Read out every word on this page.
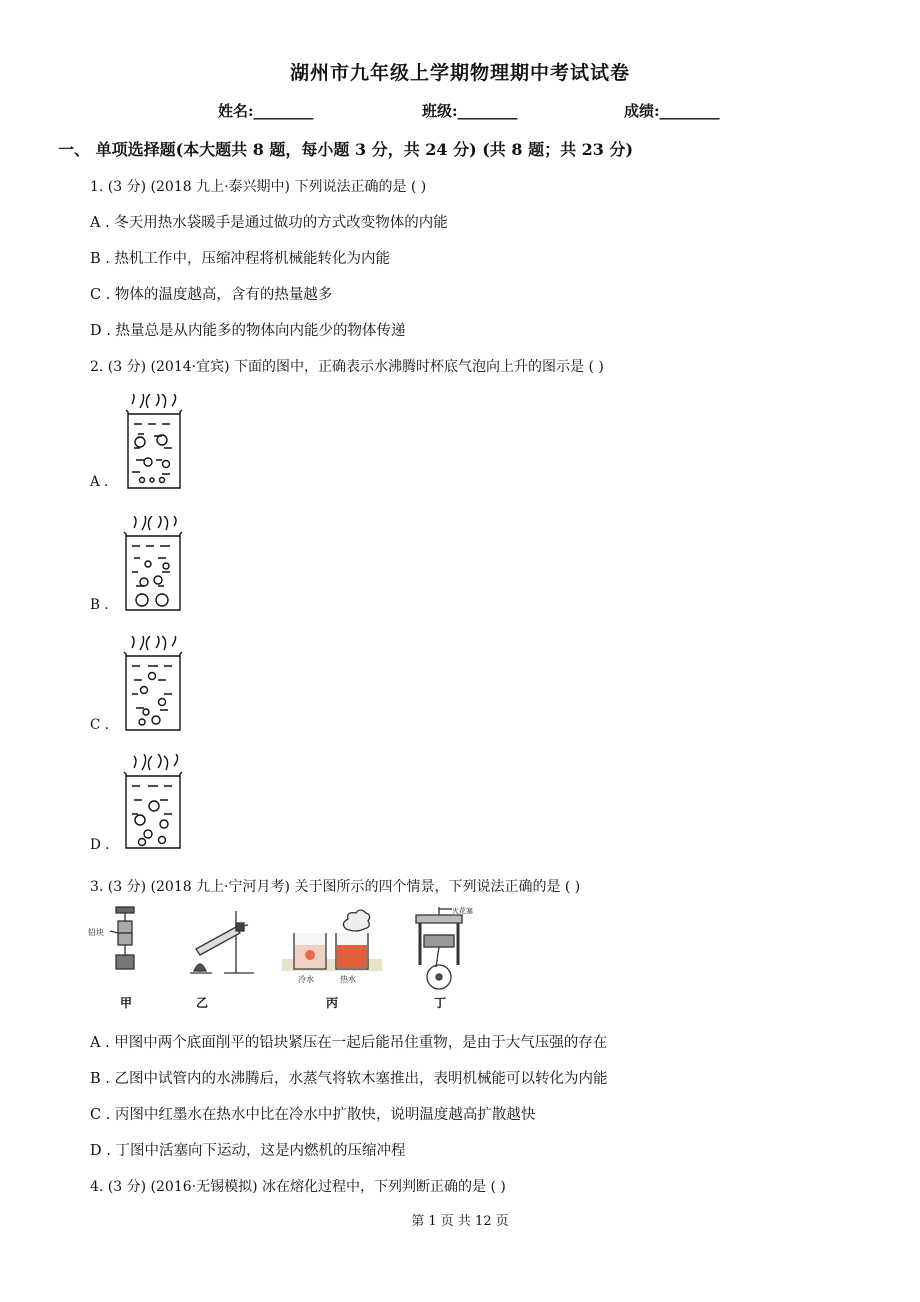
湖州市九年级上学期物理期中考试试卷
姓名:________	班级:________	成绩:________
一、 单项选择题(本大题共 8 题，每小题 3 分，共 24 分) (共 8 题；共 23 分)
1. (3 分) (2018 九上·泰兴期中) 下列说法正确的是 ( )
A . 冬天用热水袋暖手是通过做功的方式改变物体的内能
B . 热机工作中，压缩冲程将机械能转化为内能
C . 物体的温度越高，含有的热量越多
D . 热量总是从内能多的物体向内能少的物体传递
2. (3 分) (2014·宜宾) 下面的图中，正确表示水沸腾时杯底气泡向上升的图示是 ( )
A .
B .
C .
D .
3. (3 分) (2018 九上·宁河月考) 关于图所示的四个情景，下列说法正确的是 ( )
铅块
甲	乙
冷水	热水
丙
火花塞
丁
A . 甲图中两个底面削平的铅块紧压在一起后能吊住重物，是由于大气压强的存在
B . 乙图中试管内的水沸腾后，水蒸气将软木塞推出，表明机械能可以转化为内能
C . 丙图中红墨水在热水中比在冷水中扩散快，说明温度越高扩散越快
D . 丁图中活塞向下运动，这是内燃机的压缩冲程
4. (3 分) (2016·无锡模拟) 冰在熔化过程中，下列判断正确的是 ( )
第 1 页 共 12 页
